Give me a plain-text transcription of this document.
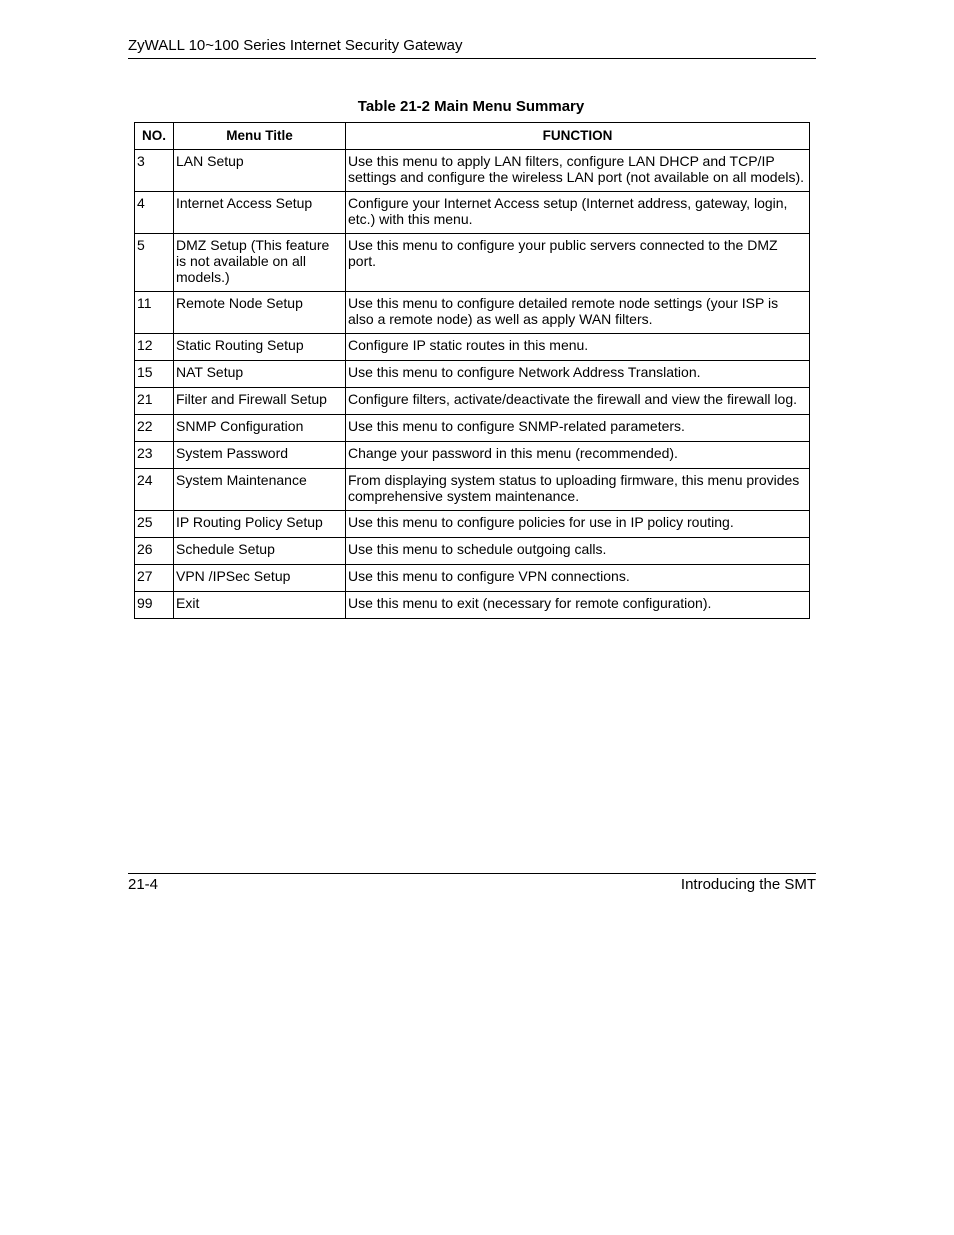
ZyWALL 10~100 Series Internet Security Gateway
Table 21-2 Main Menu Summary
NO.	Menu Title	FUNCTION
3	LAN Setup	Use this menu to apply LAN filters, configure LAN DHCP and TCP/IP settings and configure the wireless LAN port (not available on all models).
4	Internet Access Setup	Configure your Internet Access setup (Internet address, gateway, login, etc.) with this menu.
5	DMZ Setup (This feature is not available on all models.)	Use this menu to configure your public servers connected to the DMZ port.
11	Remote Node Setup	Use this menu to configure detailed remote node settings (your ISP is also a remote node) as well as apply WAN filters.
12	Static Routing Setup	Configure IP static routes in this menu.
15	NAT Setup	Use this menu to configure Network Address Translation.
21	Filter and Firewall Setup	Configure filters, activate/deactivate the firewall and view the firewall log.
22	SNMP Configuration	Use this menu to configure SNMP-related parameters.
23	System Password	Change your password in this menu (recommended).
24	System Maintenance	From displaying system status to uploading firmware, this menu provides comprehensive system maintenance.
25	IP Routing Policy Setup	Use this menu to configure policies for use in IP policy routing.
26	Schedule Setup	Use this menu to schedule outgoing calls.
27	VPN /IPSec Setup	Use this menu to configure VPN connections.
99	Exit	Use this menu to exit (necessary for remote configuration).
21-4	Introducing the SMT
